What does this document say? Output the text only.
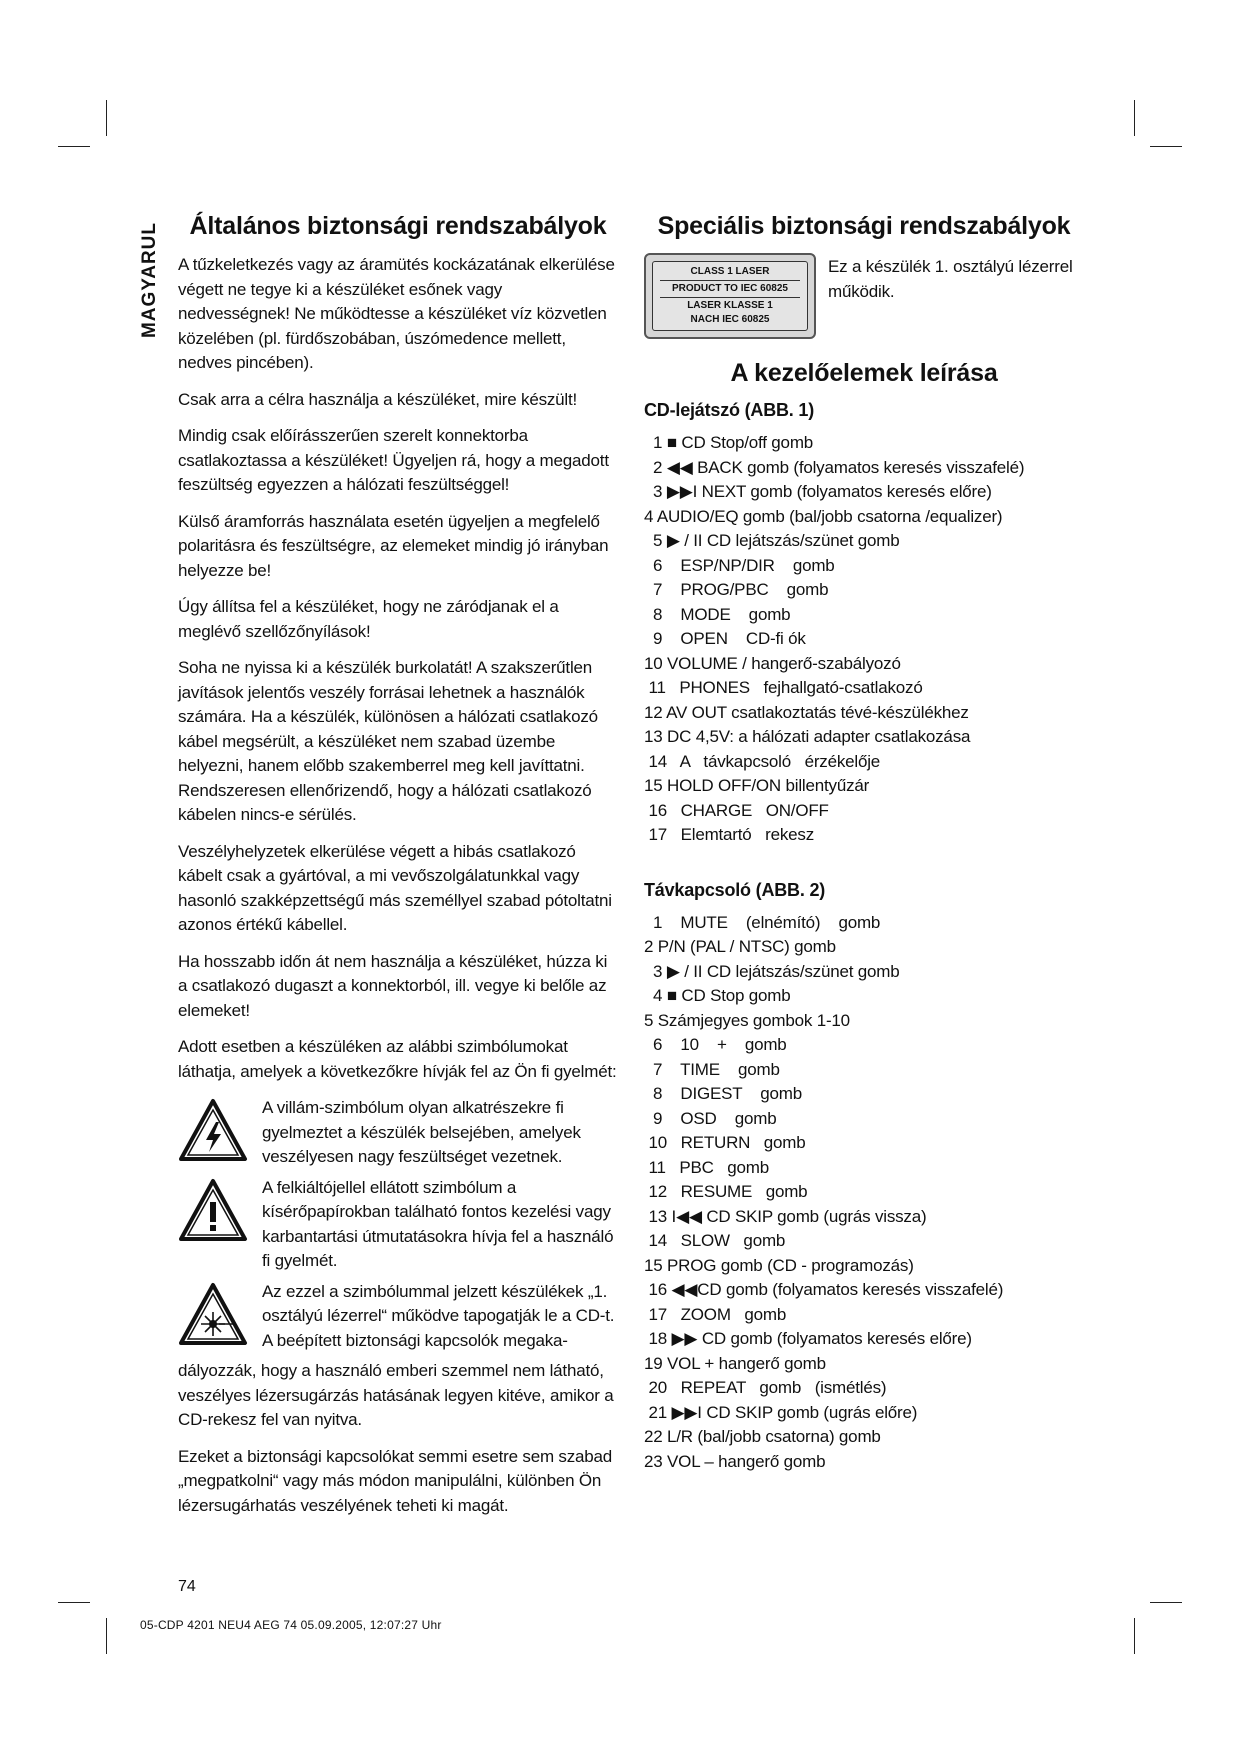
MAGYARUL	Általános biztonsági rendszabályok

A tűzkeletkezés vagy az áramütés kockázatának elkerülése végett ne tegye ki a készüléket esőnek vagy nedvességnek! Ne működtesse a készüléket víz közvetlen közelében (pl. fürdőszobában, úszómedence mellett, nedves pincében).

Csak arra a célra használja a készüléket, mire készült!

Mindig csak előírásszerűen szerelt konnektorba csatlakoztassa a készüléket! Ügyeljen rá, hogy a megadott feszültség egyezzen a hálózati feszültséggel!

Külső áramforrás használata esetén ügyeljen a megfelelő polaritásra és feszültségre, az elemeket mindig jó irányban helyezze be!

Úgy állítsa fel a készüléket, hogy ne záródjanak el a meglévő szellőzőnyílások!

Soha ne nyissa ki a készülék burkolatát! A szakszerűtlen javítások jelentős veszély forrásai lehetnek a használók számára. Ha a készülék, különösen a hálózati csatlakozó kábel megsérült, a készüléket nem szabad üzembe helyezni, hanem előbb szakemberrel meg kell javíttatni. Rendszeresen ellenőrizendő, hogy a hálózati csatlakozó kábelen nincs-e sérülés.

Veszélyhelyzetek elkerülése végett a hibás csatlakozó kábelt csak a gyártóval, a mi vevőszolgálatunkkal vagy hasonló szakképzettségű más személlyel szabad pótoltatni azonos értékű kábellel.

Ha hosszabb időn át nem használja a készüléket, húzza ki a csatlakozó dugaszt a konnektorból, ill. vegye ki belőle az elemeket!

Adott esetben a készüléken az alábbi szimbólumokat láthatja, amelyek a következőkre hívják fel az Ön fi gyelmét:

A villám-szimbólum olyan alkatrészekre fi gyelmeztet a készülék belsejében, amelyek veszélyesen nagy feszültséget vezetnek.

A felkiáltójellel ellátott szimbólum a kísérőpapírokban található fontos kezelési vagy karbantartási útmutatásokra hívja fel a használó fi gyelmét.

Az ezzel a szimbólummal jelzett készülékek „1. osztályú lézerrel“ működve tapogatják le a CD-t. A beépített biztonsági kapcsolók megaka-

dályozzák, hogy a használó emberi szemmel nem látható, veszélyes lézersugárzás hatásának legyen kitéve, amikor a CD-rekesz fel van nyitva.

Ezeket a biztonsági kapcsolókat semmi esetre sem szabad „megpatkolni“ vagy más módon manipulálni, különben Ön lézersugárhatás veszélyének teheti ki magát.

Speciális biztonsági rendszabályok
CLASS 1 LASER
PRODUCT TO IEC 60825
LASER KLASSE 1
NACH IEC 60825

Ez a készülék 1. osztályú lézerrel működik.

A kezelőelemek leírása
CD-lejátszó (ABB. 1)
1 ■ CD Stop/off gomb
2 ◀◀ BACK gomb (folyamatos keresés visszafelé)
3 ▶▶I NEXT gomb (folyamatos keresés előre)
4 AUDIO/EQ gomb (bal/jobb csatorna /equalizer)
5 ▶ / II CD lejátszás/szünet gomb
6    ESP/NP/DIR    gomb
7    PROG/PBC    gomb
8    MODE    gomb
9    OPEN    CD-fi ók
10 VOLUME / hangerő-szabályozó
11   PHONES   fejhallgató-csatlakozó
12 AV OUT csatlakoztatás tévé-készülékhez
13 DC 4,5V: a hálózati adapter csatlakozása
14   A   távkapcsoló   érzékelője
15 HOLD OFF/ON billentyűzár
16   CHARGE   ON/OFF
17   Elemtartó   rekesz
Távkapcsoló (ABB. 2)
1    MUTE    (elnémító)    gomb
2 P/N (PAL / NTSC) gomb
3 ▶ / II CD lejátszás/szünet gomb
4 ■ CD Stop gomb
5 Számjegyes gombok 1-10
6    10    +    gomb
7    TIME    gomb
8    DIGEST    gomb
9    OSD    gomb
10   RETURN   gomb
11   PBC   gomb
12   RESUME   gomb
13 I◀◀ CD SKIP gomb (ugrás vissza)
14   SLOW   gomb
15 PROG gomb (CD - programozás)
16 ◀◀CD gomb (folyamatos keresés visszafelé)
17   ZOOM   gomb
18 ▶▶ CD gomb (folyamatos keresés előre)
19 VOL + hangerő gomb
20   REPEAT   gomb   (ismétlés)
21 ▶▶I CD SKIP gomb (ugrás előre)
22 L/R (bal/jobb csatorna) gomb
23 VOL – hangerő gomb
74
05-CDP 4201 NEU4 AEG 74 05.09.2005, 12:07:27 Uhr
